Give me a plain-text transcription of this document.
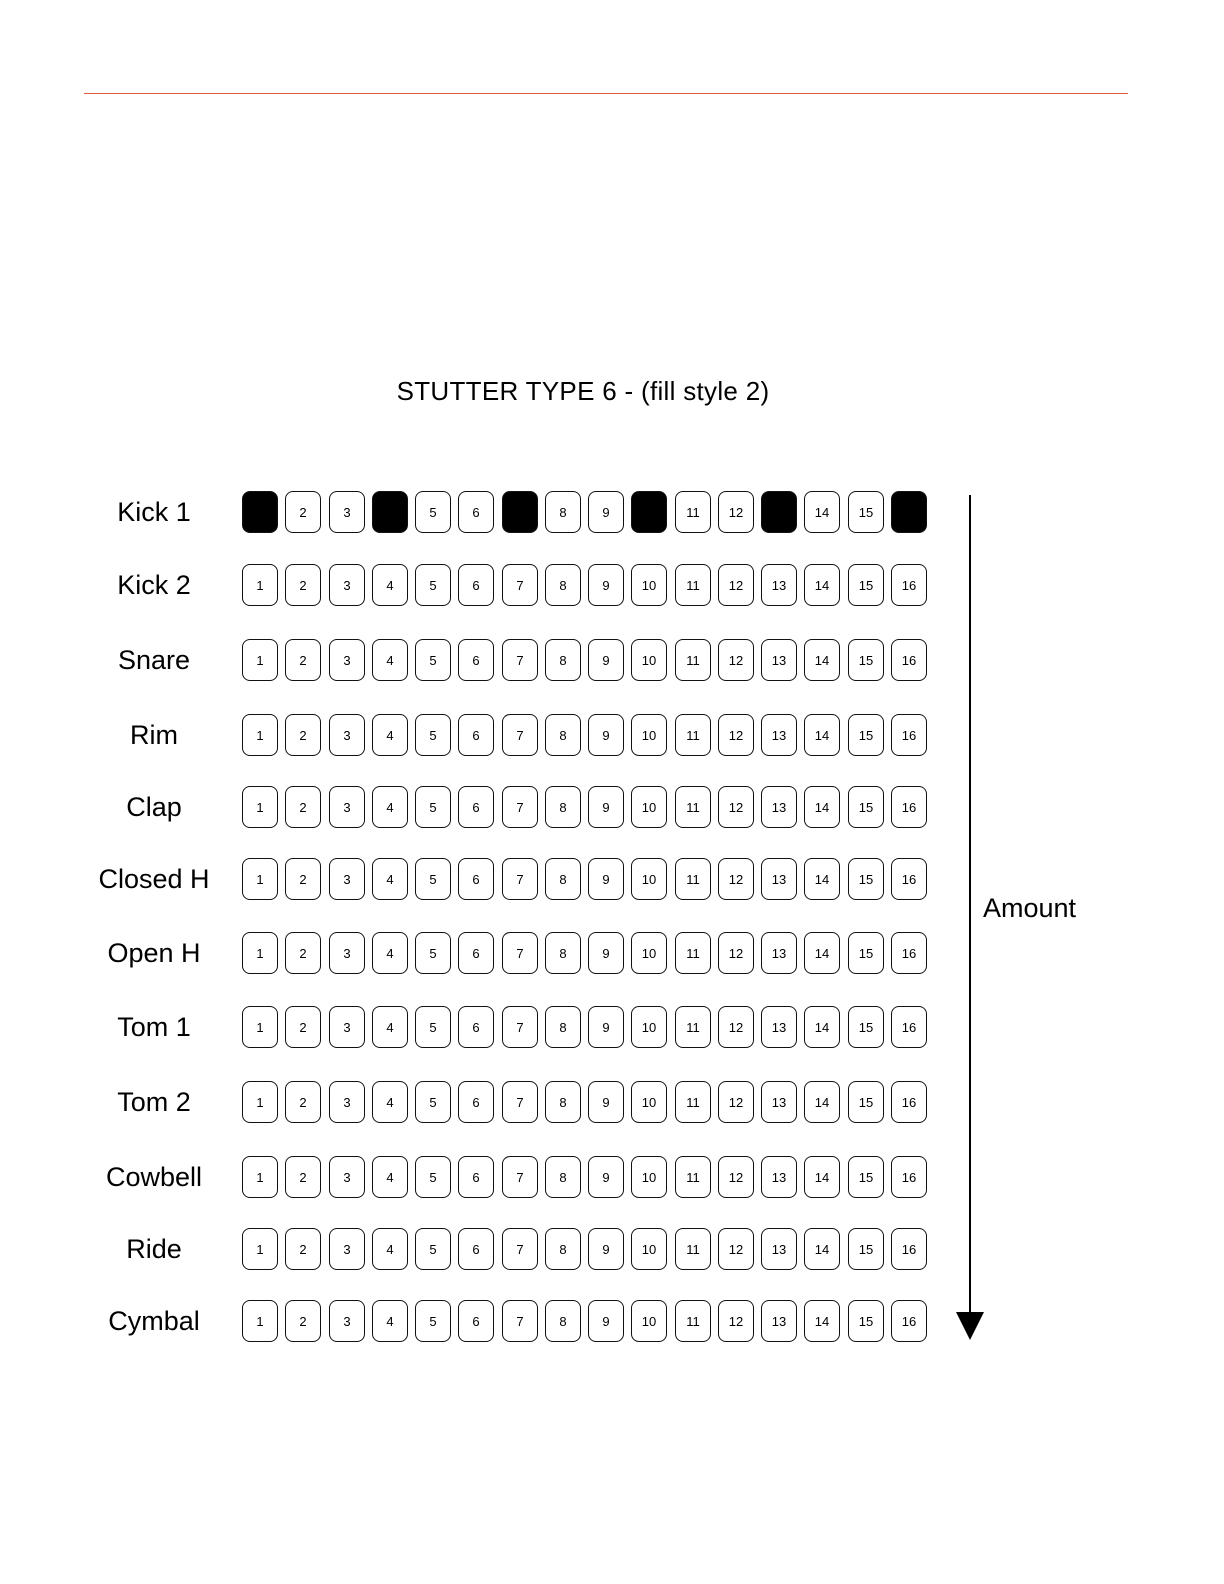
STUTTER TYPE 6 - (fill style 2)
Kick 1	1	2	3	4	5	6	7	8	9	10	11	12	13	14	15	16
Kick 2	1	2	3	4	5	6	7	8	9	10	11	12	13	14	15	16
Snare	1	2	3	4	5	6	7	8	9	10	11	12	13	14	15	16
Rim	1	2	3	4	5	6	7	8	9	10	11	12	13	14	15	16
Clap	1	2	3	4	5	6	7	8	9	10	11	12	13	14	15	16
Closed H	1	2	3	4	5	6	7	8	9	10	11	12	13	14	15	16
Open H	1	2	3	4	5	6	7	8	9	10	11	12	13	14	15	16
Tom 1	1	2	3	4	5	6	7	8	9	10	11	12	13	14	15	16
Tom 2	1	2	3	4	5	6	7	8	9	10	11	12	13	14	15	16
Cowbell	1	2	3	4	5	6	7	8	9	10	11	12	13	14	15	16
Ride	1	2	3	4	5	6	7	8	9	10	11	12	13	14	15	16
Cymbal	1	2	3	4	5	6	7	8	9	10	11	12	13	14	15	16
Amount
